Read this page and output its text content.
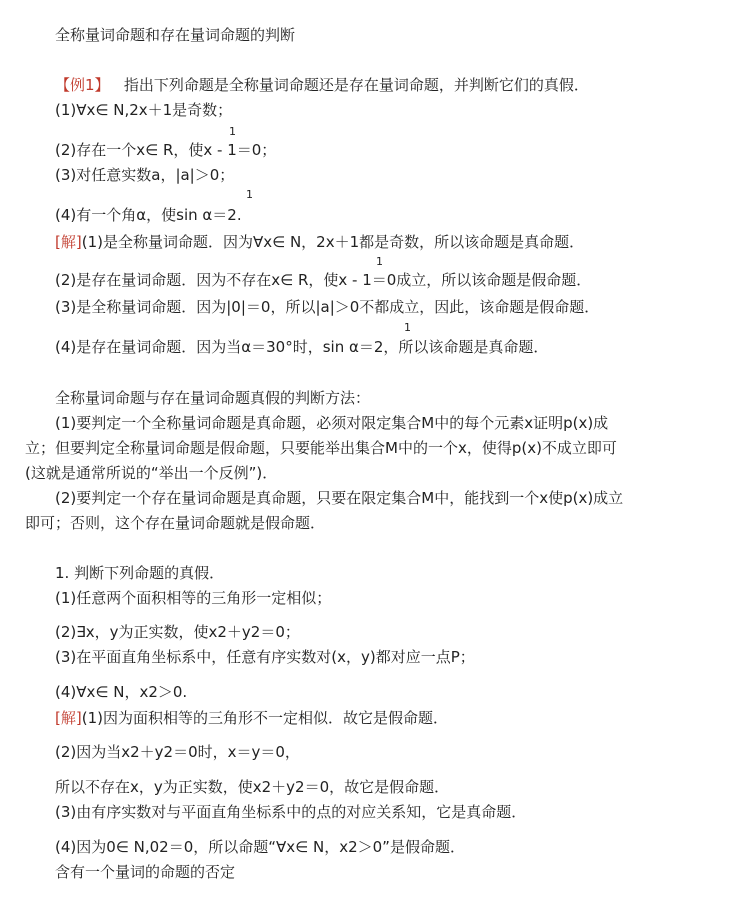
全称量词命题和存在量词命题的判断
【例1】 指出下列命题是全称量词命题还是存在量词命题，并判断它们的真假．
(1)∀x∈ N,2x＋1是奇数；
1
(2)存在一个x∈ R，使x - 1＝0；
(3)对任意实数a，|a|＞0；
1
(4)有一个角α，使sin α＝2.
[解](1)是全称量词命题．因为∀x∈ N，2x＋1都是奇数，所以该命题是真命题．
1
(2)是存在量词命题．因为不存在x∈ R，使x - 1＝0成立，所以该命题是假命题．
(3)是全称量词命题．因为|0|＝0，所以|a|＞0不都成立，因此，该命题是假命题．
1
(4)是存在量词命题．因为当α＝30°时，sin α＝2，所以该命题是真命题．
全称量词命题与存在量词命题真假的判断方法：
(1)要判定一个全称量词命题是真命题，必须对限定集合M中的每个元素x证明p(x)成
立；但要判定全称量词命题是假命题，只要能举出集合M中的一个x，使得p(x)不成立即可
(这就是通常所说的“举出一个反例”)．
(2)要判定一个存在量词命题是真命题，只要在限定集合M中，能找到一个x使p(x)成立
即可；否则，这个存在量词命题就是假命题．
1. 判断下列命题的真假．
(1)任意两个面积相等的三角形一定相似；
(2)∃x，y为正实数，使x2＋y2＝0；
(3)在平面直角坐标系中，任意有序实数对(x，y)都对应一点P；
(4)∀x∈ N，x2＞0.
[解](1)因为面积相等的三角形不一定相似．故它是假命题．
(2)因为当x2＋y2＝0时，x＝y＝0，
所以不存在x，y为正实数，使x2＋y2＝0，故它是假命题．
(3)由有序实数对与平面直角坐标系中的点的对应关系知，它是真命题．
(4)因为0∈ N,02＝0，所以命题“∀x∈ N，x2＞0”是假命题．
含有一个量词的命题的否定
